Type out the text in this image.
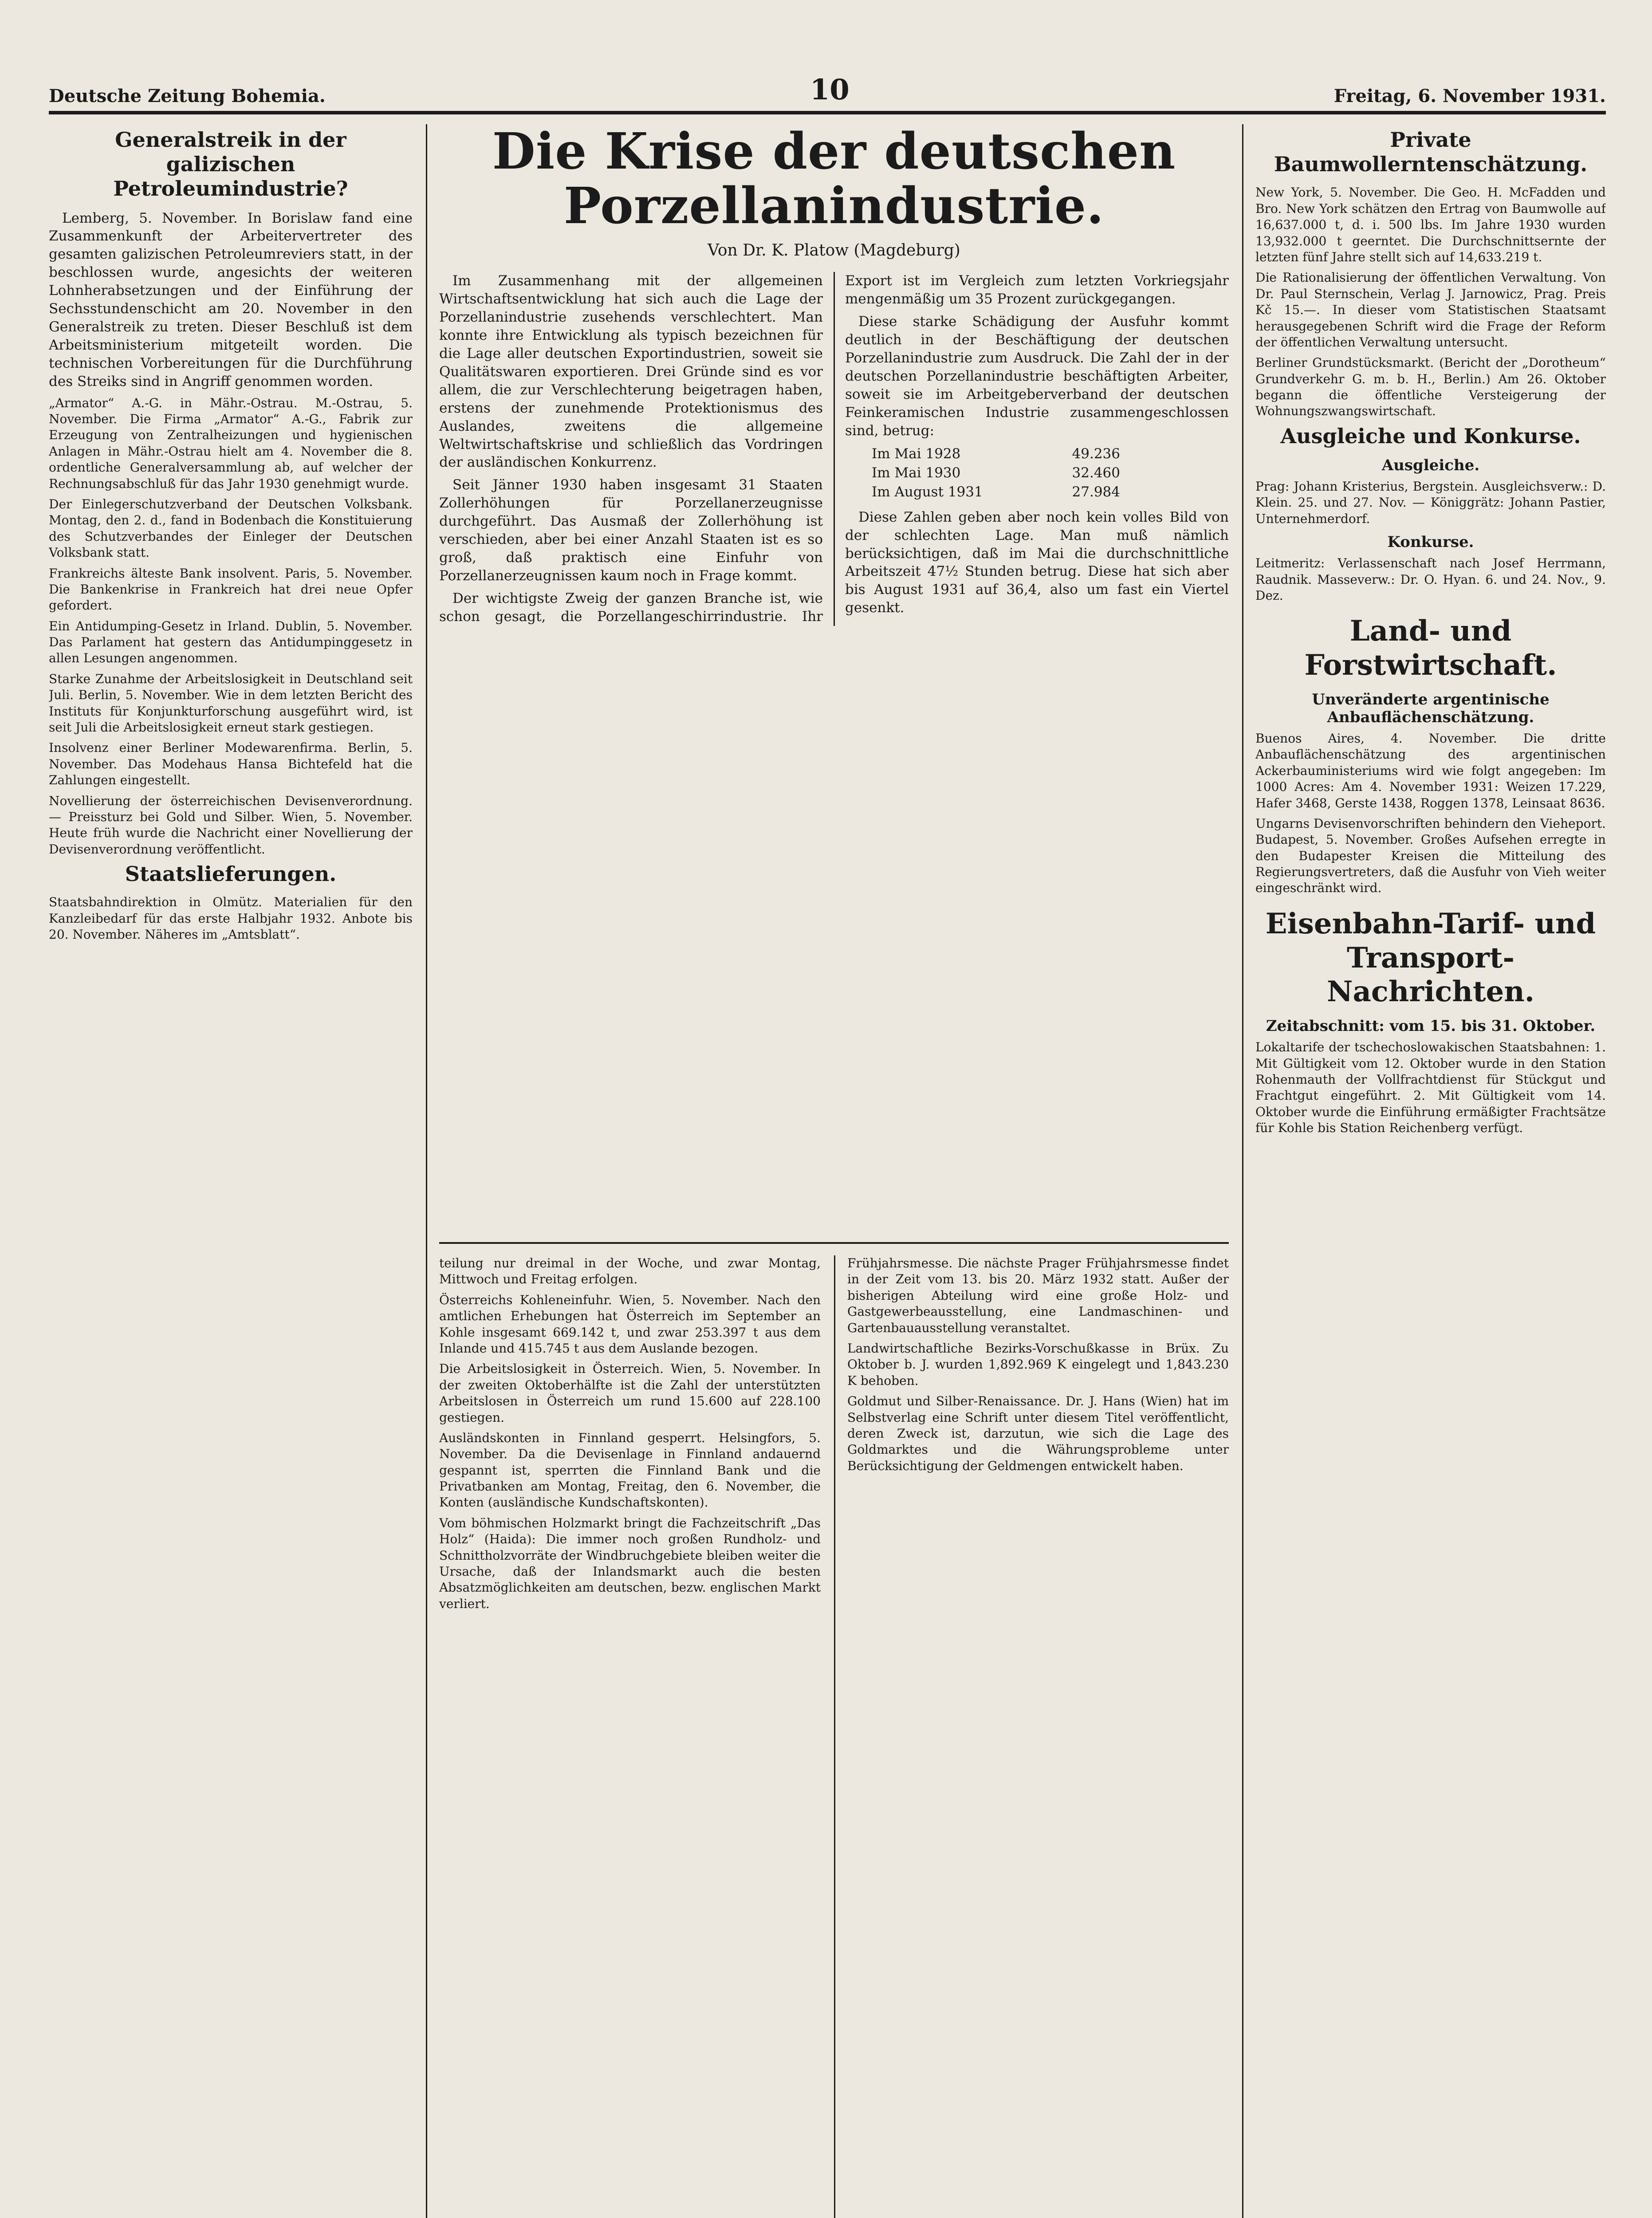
Deutsche Zeitung Bohemia.	10	Freitag, 6. November 1931.
Generalstreik in der galizischen Petroleumindustrie?

Lemberg, 5. November. In Borislaw fand eine Zusammenkunft der Arbeitervertreter des gesamten galizischen Petroleumreviers statt, in der beschlossen wurde, angesichts der weiteren Lohnherabsetzungen und der Einführung der Sechsstundenschicht am 20. November in den Generalstreik zu treten. Dieser Beschluß ist dem Arbeitsministerium mitgeteilt worden. Die technischen Vorbereitungen für die Durchführung des Streiks sind in Angriff genommen worden.

„Armator“ A.-G. in Mähr.-Ostrau. M.-Ostrau, 5. November. Die Firma „Armator“ A.-G., Fabrik zur Erzeugung von Zentralheizungen und hygienischen Anlagen in Mähr.-Ostrau hielt am 4. November die 8. ordentliche Generalversammlung ab, auf welcher der Rechnungsabschluß für das Jahr 1930 genehmigt wurde.

Der Einlegerschutzverband der Deutschen Volksbank. Montag, den 2. d., fand in Bodenbach die Konstituierung des Schutzverbandes der Einleger der Deutschen Volksbank statt.

Frankreichs älteste Bank insolvent. Paris, 5. November. Die Bankenkrise in Frankreich hat drei neue Opfer gefordert.

Ein Antidumping-Gesetz in Irland. Dublin, 5. November. Das Parlament hat gestern das Antidumpinggesetz in allen Lesungen angenommen.

Starke Zunahme der Arbeitslosigkeit in Deutschland seit Juli. Berlin, 5. November. Wie in dem letzten Bericht des Instituts für Konjunkturforschung ausgeführt wird, ist seit Juli die Arbeitslosigkeit erneut stark gestiegen.

Insolvenz einer Berliner Modewarenfirma. Berlin, 5. November. Das Modehaus Hansa Bichtefeld hat die Zahlungen eingestellt.

Novellierung der österreichischen Devisenverordnung. — Preissturz bei Gold und Silber. Wien, 5. November. Heute früh wurde die Nachricht einer Novellierung der Devisenverordnung veröffentlicht.

Staatslieferungen.

Staatsbahndirektion in Olmütz. Materialien für den Kanzleibedarf für das erste Halbjahr 1932. Anbote bis 20. November. Näheres im „Amtsblatt“.

Die Krise der deutschen Porzellanindustrie.
Von Dr. K. Platow (Magdeburg)

Im Zusammenhang mit der allgemeinen Wirtschaftsentwicklung hat sich auch die Lage der Porzellanindustrie zusehends verschlechtert. Man konnte ihre Entwicklung als typisch bezeichnen für die Lage aller deutschen Exportindustrien, soweit sie Qualitätswaren exportieren. Drei Gründe sind es vor allem, die zur Verschlechterung beigetragen haben, erstens der zunehmende Protektionismus des Auslandes, zweitens die allgemeine Weltwirtschaftskrise und schließlich das Vordringen der ausländischen Konkurrenz.

Seit Jänner 1930 haben insgesamt 31 Staaten Zollerhöhungen für Porzellanerzeugnisse durchgeführt. Das Ausmaß der Zollerhöhung ist verschieden, aber bei einer Anzahl Staaten ist es so groß, daß praktisch eine Einfuhr von Porzellanerzeugnissen kaum noch in Frage kommt.

Der wichtigste Zweig der ganzen Branche ist, wie schon gesagt, die Porzellangeschirrindustrie. Ihr Export ist im Vergleich zum letzten Vorkriegsjahr mengenmäßig um 35 Prozent zurückgegangen.

Diese starke Schädigung der Ausfuhr kommt deutlich in der Beschäftigung der deutschen Porzellanindustrie zum Ausdruck. Die Zahl der in der deutschen Porzellanindustrie beschäftigten Arbeiter, soweit sie im Arbeitgeberverband der deutschen Feinkeramischen Industrie zusammengeschlossen sind, betrug:

Im Mai 1928	49.236
Im Mai 1930	32.460
Im August 1931	27.984

Diese Zahlen geben aber noch kein volles Bild von der schlechten Lage. Man muß nämlich berücksichtigen, daß im Mai die durchschnittliche Arbeitszeit 47½ Stunden betrug. Diese hat sich aber bis August 1931 auf 36,4, also um fast ein Viertel gesenkt.

teilung nur dreimal in der Woche, und zwar Montag, Mittwoch und Freitag erfolgen.

Österreichs Kohleneinfuhr. Wien, 5. November. Nach den amtlichen Erhebungen hat Österreich im September an Kohle insgesamt 669.142 t, und zwar 253.397 t aus dem Inlande und 415.745 t aus dem Auslande bezogen.

Die Arbeitslosigkeit in Österreich. Wien, 5. November. In der zweiten Oktoberhälfte ist die Zahl der unterstützten Arbeitslosen in Österreich um rund 15.600 auf 228.100 gestiegen.

Ausländskonten in Finnland gesperrt. Helsingfors, 5. November. Da die Devisenlage in Finnland andauernd gespannt ist, sperrten die Finnland Bank und die Privatbanken am Montag, Freitag, den 6. November, die Konten (ausländische Kundschaftskonten).

Vom böhmischen Holzmarkt bringt die Fachzeitschrift „Das Holz“ (Haida): Die immer noch großen Rundholz- und Schnittholzvorräte der Windbruchgebiete bleiben weiter die Ursache, daß der Inlandsmarkt auch die besten Absatzmöglichkeiten am deutschen, bezw. englischen Markt verliert.

Frühjahrsmesse. Die nächste Prager Frühjahrsmesse findet in der Zeit vom 13. bis 20. März 1932 statt. Außer der bisherigen Abteilung wird eine große Holz- und Gastgewerbeausstellung, eine Landmaschinen- und Gartenbauausstellung veranstaltet.

Landwirtschaftliche Bezirks-Vorschußkasse in Brüx. Zu Oktober b. J. wurden 1,892.969 K eingelegt und 1,843.230 K behoben.

Goldmut und Silber-Renaissance. Dr. J. Hans (Wien) hat im Selbstverlag eine Schrift unter diesem Titel veröffentlicht, deren Zweck ist, darzutun, wie sich die Lage des Goldmarktes und die Währungsprobleme unter Berücksichtigung der Geldmengen entwickelt haben.

Private Baumwollerntenschätzung.

New York, 5. November. Die Geo. H. McFadden und Bro. New York schätzen den Ertrag von Baumwolle auf 16,637.000 t, d. i. 500 lbs. Im Jahre 1930 wurden 13,932.000 t geerntet. Die Durchschnittsernte der letzten fünf Jahre stellt sich auf 14,633.219 t.

Die Rationalisierung der öffentlichen Verwaltung. Von Dr. Paul Sternschein, Verlag J. Jarnowicz, Prag. Preis Kč 15.—. In dieser vom Statistischen Staatsamt herausgegebenen Schrift wird die Frage der Reform der öffentlichen Verwaltung untersucht.

Berliner Grundstücksmarkt. (Bericht der „Dorotheum“ Grundverkehr G. m. b. H., Berlin.) Am 26. Oktober begann die öffentliche Versteigerung der Wohnungszwangswirtschaft.

Ausgleiche und Konkurse.
Ausgleiche.

Prag: Johann Kristerius, Bergstein. Ausgleichsverw.: D. Klein. 25. und 27. Nov. — Königgrätz: Johann Pastier, Unternehmerdorf.

Konkurse.

Leitmeritz: Verlassenschaft nach Josef Herrmann, Raudnik. Masseverw.: Dr. O. Hyan. 6. und 24. Nov., 9. Dez.

Land- und Forstwirtschaft.
Unveränderte argentinische Anbauflächenschätzung.

Buenos Aires, 4. November. Die dritte Anbauflächenschätzung des argentinischen Ackerbauministeriums wird wie folgt angegeben: Im 1000 Acres: Am 4. November 1931: Weizen 17.229, Hafer 3468, Gerste 1438, Roggen 1378, Leinsaat 8636.

Ungarns Devisenvorschriften behindern den Vieheport. Budapest, 5. November. Großes Aufsehen erregte in den Budapester Kreisen die Mitteilung des Regierungsvertreters, daß die Ausfuhr von Vieh weiter eingeschränkt wird.

Eisenbahn-Tarif- und Transport-Nachrichten.
Zeitabschnitt: vom 15. bis 31. Oktober.

Lokaltarife der tschechoslowakischen Staatsbahnen: 1. Mit Gültigkeit vom 12. Oktober wurde in den Station Rohenmauth der Vollfrachtdienst für Stückgut und Frachtgut eingeführt. 2. Mit Gültigkeit vom 14. Oktober wurde die Einführung ermäßigter Frachtsätze für Kohle bis Station Reichenberg verfügt.
